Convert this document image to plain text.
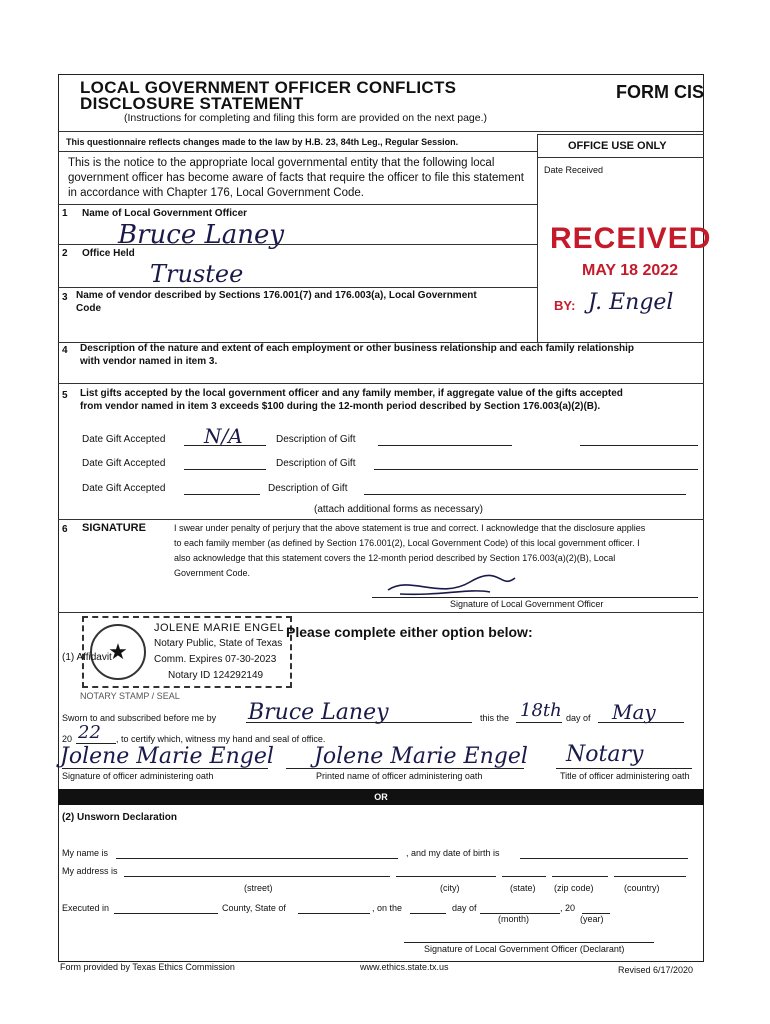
LOCAL GOVERNMENT OFFICER CONFLICTS
DISCLOSURE STATEMENT
FORM CIS
(Instructions for completing and filing this form are provided on the next page.)
This questionnaire reflects changes made to the law by H.B. 23, 84th Leg., Regular Session.	OFFICE USE ONLY
Date Received
RECEIVED
MAY 18 2022
BY: J. Engel
This is the notice to the appropriate local governmental entity that the following local government officer has become aware of facts that require the officer to file this statement in accordance with Chapter 176, Local Government Code.
1 Name of Local Government Officer
Bruce Laney
2 Office Held
Trustee
3 Name of vendor described by Sections 176.001(7) and 176.003(a), Local Government
Code
4 Description of the nature and extent of each employment or other business relationship and each family relationship
with vendor named in item 3.
5 List gifts accepted by the local government officer and any family member, if aggregate value of the gifts accepted
from vendor named in item 3 exceeds $100 during the 12-month period described by Section 176.003(a)(2)(B).
Date Gift Accepted N/A	Description of Gift
Date Gift Accepted	Description of Gift
Date Gift Accepted	Description of Gift
(attach additional forms as necessary)
6 SIGNATURE	I swear under penalty of perjury that the above statement is true and correct. I acknowledge that the disclosure applies
to each family member (as defined by Section 176.001(2), Local Government Code) of this local government officer. I
also acknowledge that this statement covers the 12-month period described by Section 176.003(a)(2)(B), Local
Government Code.
Signature of Local Government Officer
★
JOLENE MARIE ENGEL
Notary Public, State of Texas
Comm. Expires 07-30-2023
Notary ID 124292149
(1) Affidavit
NOTARY STAMP / SEAL
Please complete either option below:
Sworn to and subscribed before me by Bruce Laney	this the 18th day of May
20 22 , to certify which, witness my hand and seal of office.
Jolene Marie Engel Jolene Marie Engel Notary
Signature of officer administering oath	Printed name of officer administering oath	Title of officer administering oath
OR
(2) Unsworn Declaration
My name is	, and my date of birth is
My address is
(street)	(city)	(state) (zip code)	(country)
Executed in	County, State of	, on the	day of	, 20
(month)	(year)
Signature of Local Government Officer (Declarant)
Form provided by Texas Ethics Commission	www.ethics.state.tx.us	Revised 6/17/2020
